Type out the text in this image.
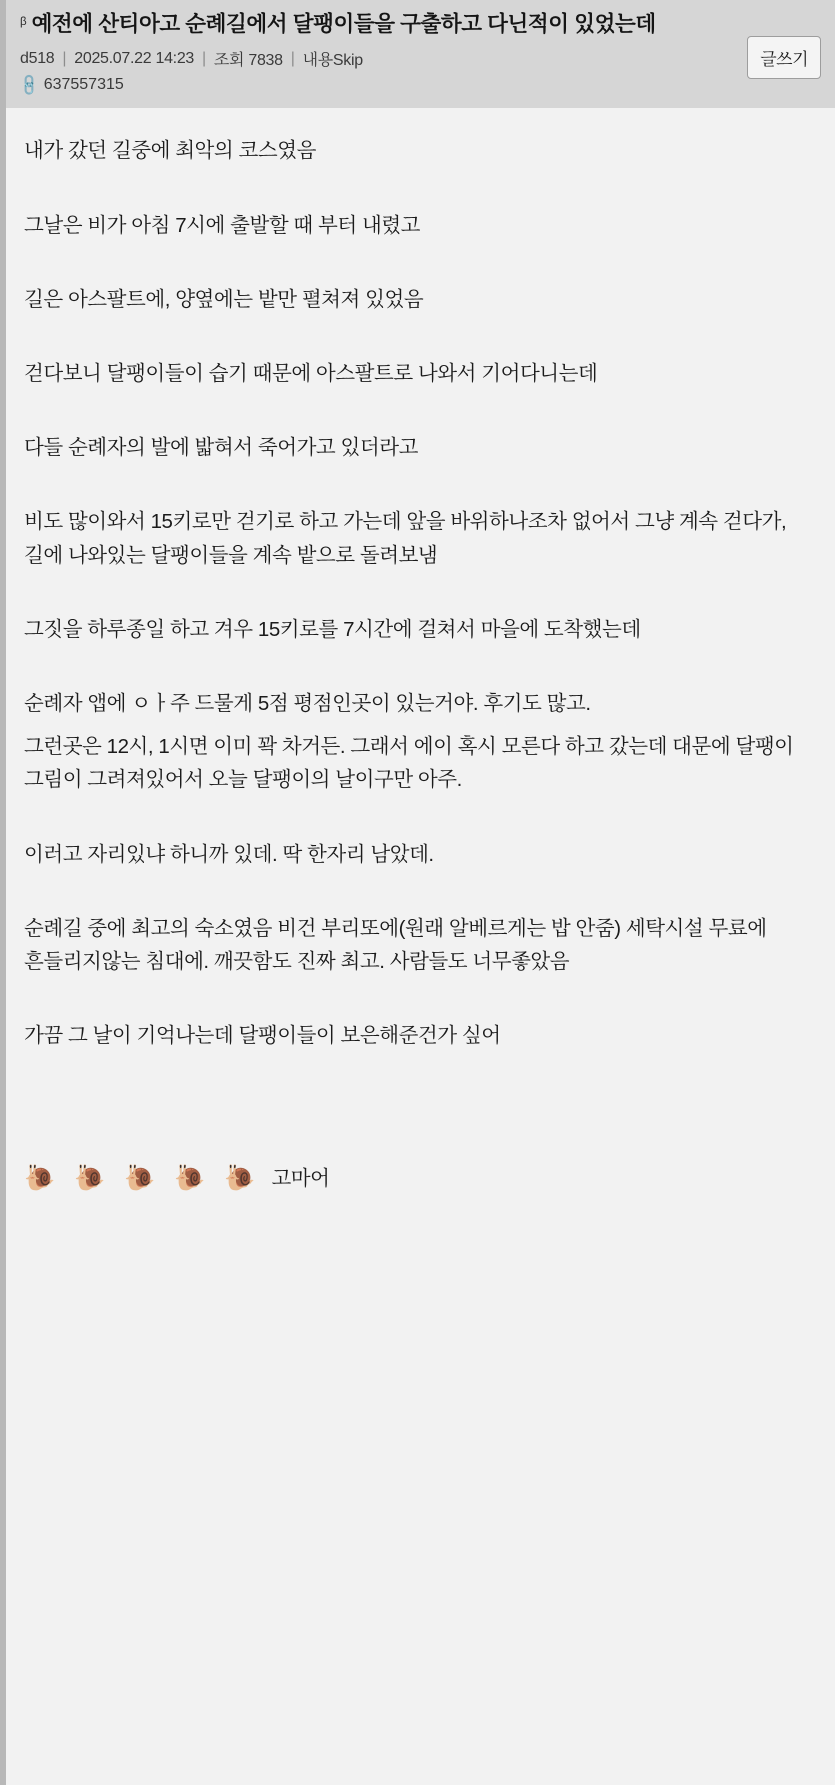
ᵝ 예전에 산티아고 순례길에서 달팽이들을 구출하고 다닌적이 있었는데
d518 | 2025.07.22 14:23 | 조회 7838 | 내용Skip
🔗 637557315
글쓰기

내가 갔던 길중에 최악의 코스였음

그날은 비가 아침 7시에 출발할 때 부터 내렸고

길은 아스팔트에, 양옆에는 밭만 펼쳐져 있었음

걷다보니 달팽이들이 습기 때문에 아스팔트로 나와서 기어다니는데

다들 순례자의 발에 밟혀서 죽어가고 있더라고

비도 많이와서 15키로만 걷기로 하고 가는데 앞을 바위하나조차 없어서 그냥 계속 걷다가, 길에 나와있는 달팽이들을 계속 밭으로 돌려보냄

그짓을 하루종일 하고 겨우 15키로를 7시간에 걸쳐서 마을에 도착했는데

순례자 앱에 ㅇㅏ주 드물게 5점 평점인곳이 있는거야. 후기도 많고.

그런곳은 12시, 1시면 이미 꽉 차거든. 그래서 에이 혹시 모른다 하고 갔는데 대문에 달팽이 그림이 그려져있어서 오늘 달팽이의 날이구만 아주.

이러고 자리있냐 하니까 있데. 딱 한자리 남았데.

순례길 중에 최고의 숙소였음 비건 부리또에(원래 알베르게는 밥 안줌) 세탁시설 무료에 흔들리지않는 침대에. 깨끗함도 진짜 최고. 사람들도 너무좋았음

가끔 그 날이 기억나는데 달팽이들이 보은해준건가 싶어

🐌 🐌 🐌 🐌 🐌 고마어
